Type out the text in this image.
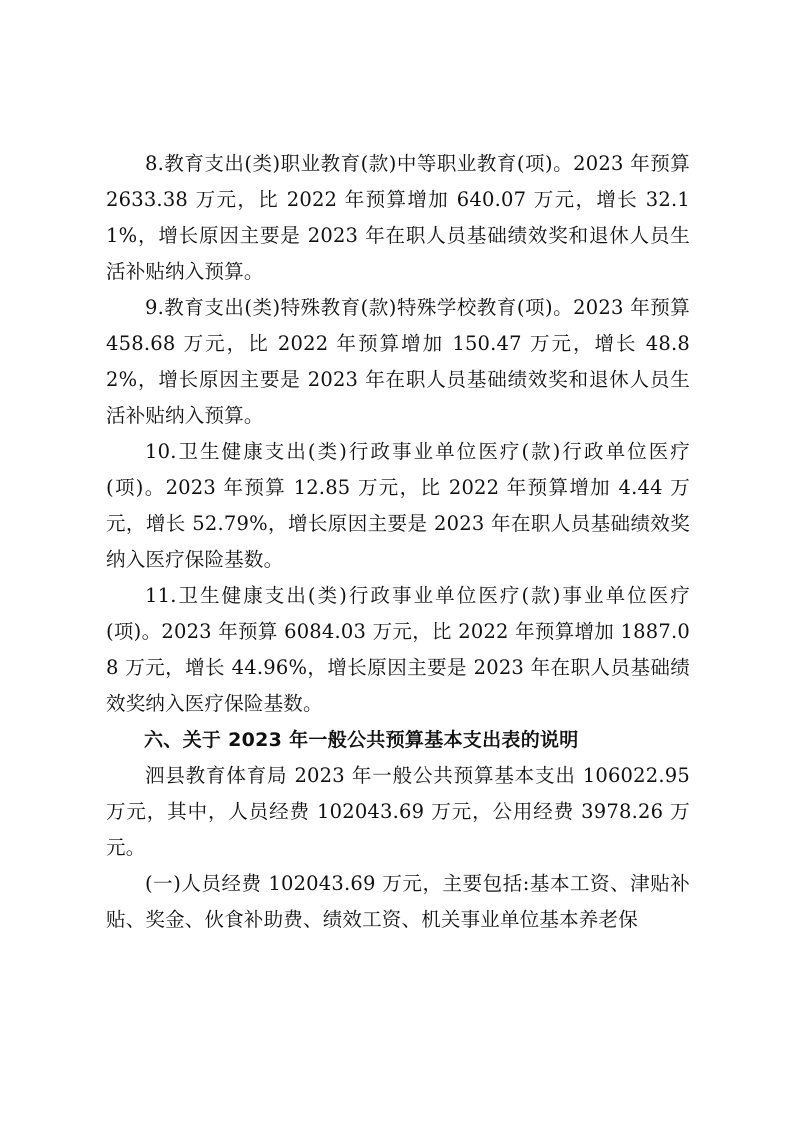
8.教育支出(类)职业教育(款)中等职业教育(项)。2023 年预算 2633.38 万元，比 2022 年预算增加 640.07 万元，增长 32.11%，增长原因主要是 2023 年在职人员基础绩效奖和退休人员生活补贴纳入预算。

9.教育支出(类)特殊教育(款)特殊学校教育(项)。2023 年预算 458.68 万元，比 2022 年预算增加 150.47 万元，增长 48.82%，增长原因主要是 2023 年在职人员基础绩效奖和退休人员生活补贴纳入预算。

10.卫生健康支出(类)行政事业单位医疗(款)行政单位医疗(项)。2023 年预算 12.85 万元，比 2022 年预算增加 4.44 万元，增长 52.79%，增长原因主要是 2023 年在职人员基础绩效奖纳入医疗保险基数。

11.卫生健康支出(类)行政事业单位医疗(款)事业单位医疗(项)。2023 年预算 6084.03 万元，比 2022 年预算增加 1887.08 万元，增长 44.96%，增长原因主要是 2023 年在职人员基础绩效奖纳入医疗保险基数。

六、关于 2023 年一般公共预算基本支出表的说明

泗县教育体育局 2023 年一般公共预算基本支出 106022.95 万元，其中，人员经费 102043.69 万元，公用经费 3978.26 万元。

(一)人员经费 102043.69 万元，主要包括:基本工资、津贴补贴、奖金、伙食补助费、绩效工资、机关事业单位基本养老保
